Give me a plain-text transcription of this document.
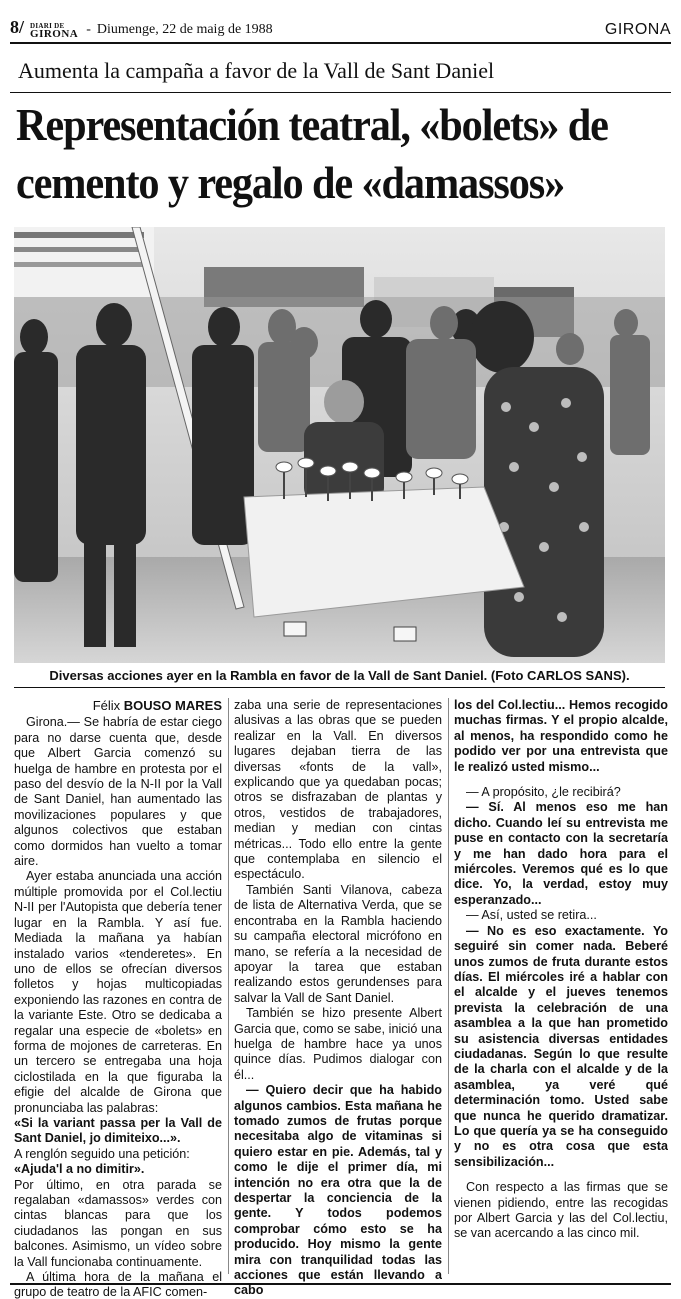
8/ DIARI DE
GIRONA - Diumenge, 22 de maig de 1988	GIRONA
Aumenta la campaña a favor de la Vall de Sant Daniel
Representación teatral, «bolets» de
cemento y regalo de «damassos»
Diversas acciones ayer en la Rambla en favor de la Vall de Sant Daniel. (Foto CARLOS SANS).
Félix BOUSO MARES

Girona.— Se habría de estar ciego para no darse cuenta que, desde que Albert Garcia comenzó su huelga de hambre en protesta por el paso del desvío de la N-II por la Vall de Sant Daniel, han aumentado las movilizaciones populares y que algunos colectivos que estaban como dormidos han vuelto a tomar aire.

Ayer estaba anunciada una acción múltiple promovida por el Col.lectiu N-II per l'Autopista que debería tener lugar en la Rambla. Y así fue. Mediada la mañana ya habían instalado varios «tenderetes». En uno de ellos se ofrecían diversos folletos y hojas multicopiadas exponiendo las razones en contra de la variante Este. Otro se dedicaba a regalar una especie de «bolets» en forma de mojones de carreteras. En un tercero se entregaba una hoja ciclostilada en la que figuraba la efigie del alcalde de Girona que pronunciaba las palabras:

«Si la variant passa per la Vall de Sant Daniel, jo dimiteixo...».

A renglón seguido una petición:

«Ajuda'l a no dimitir».

Por último, en otra parada se regalaban «damassos» verdes con cintas blancas para que los ciudadanos las pongan en sus balcones. Asimismo, un vídeo sobre la Vall funcionaba continuamente.

A última hora de la mañana el grupo de teatro de la AFIC comen-

zaba una serie de representaciones alusivas a las obras que se pueden realizar en la Vall. En diversos lugares dejaban tierra de las diversas «fonts de la vall», explicando que ya quedaban pocas; otros se disfrazaban de plantas y otros, vestidos de trabajadores, median y median con cintas métricas... Todo ello entre la gente que contemplaba en silencio el espectáculo.

También Santi Vilanova, cabeza de lista de Alternativa Verda, que se encontraba en la Rambla haciendo su campaña electoral micrófono en mano, se refería a la necesidad de apoyar la tarea que estaban realizando estos gerundenses para salvar la Vall de Sant Daniel.

También se hizo presente Albert Garcia que, como se sabe, inició una huelga de hambre hace ya unos quince días. Pudimos dialogar con él...

— Quiero decir que ha habido algunos cambios. Esta mañana he tomado zumos de frutas porque necesitaba algo de vitaminas si quiero estar en pie. Además, tal y como le dije el primer día, mi intención no era otra que la de despertar la conciencia de la gente. Y todos podemos comprobar cómo esto se ha producido. Hoy mismo la gente mira con tranquilidad todas las acciones que están llevando a cabo

los del Col.lectiu... Hemos recogido muchas firmas. Y el propio alcalde, al menos, ha respondido como he podido ver por una entrevista que le realizó usted mismo...

— A propósito, ¿le recibirá?

— Sí. Al menos eso me han dicho. Cuando leí su entrevista me puse en contacto con la secretaría y me han dado hora para el miércoles. Veremos qué es lo que dice. Yo, la verdad, estoy muy esperanzado...

— Así, usted se retira...

— No es eso exactamente. Yo seguiré sin comer nada. Beberé unos zumos de fruta durante estos días. El miércoles iré a hablar con el alcalde y el jueves tenemos prevista la celebración de una asamblea a la que han prometido su asistencia diversas entidades ciudadanas. Según lo que resulte de la charla con el alcalde y de la asamblea, ya veré qué determinación tomo. Usted sabe que nunca he querido dramatizar. Lo que quería ya se ha conseguido y no es otra cosa que esta sensibilización...

Con respecto a las firmas que se vienen pidiendo, entre las recogidas por Albert Garcia y las del Col.lectiu, se van acercando a las cinco mil.
